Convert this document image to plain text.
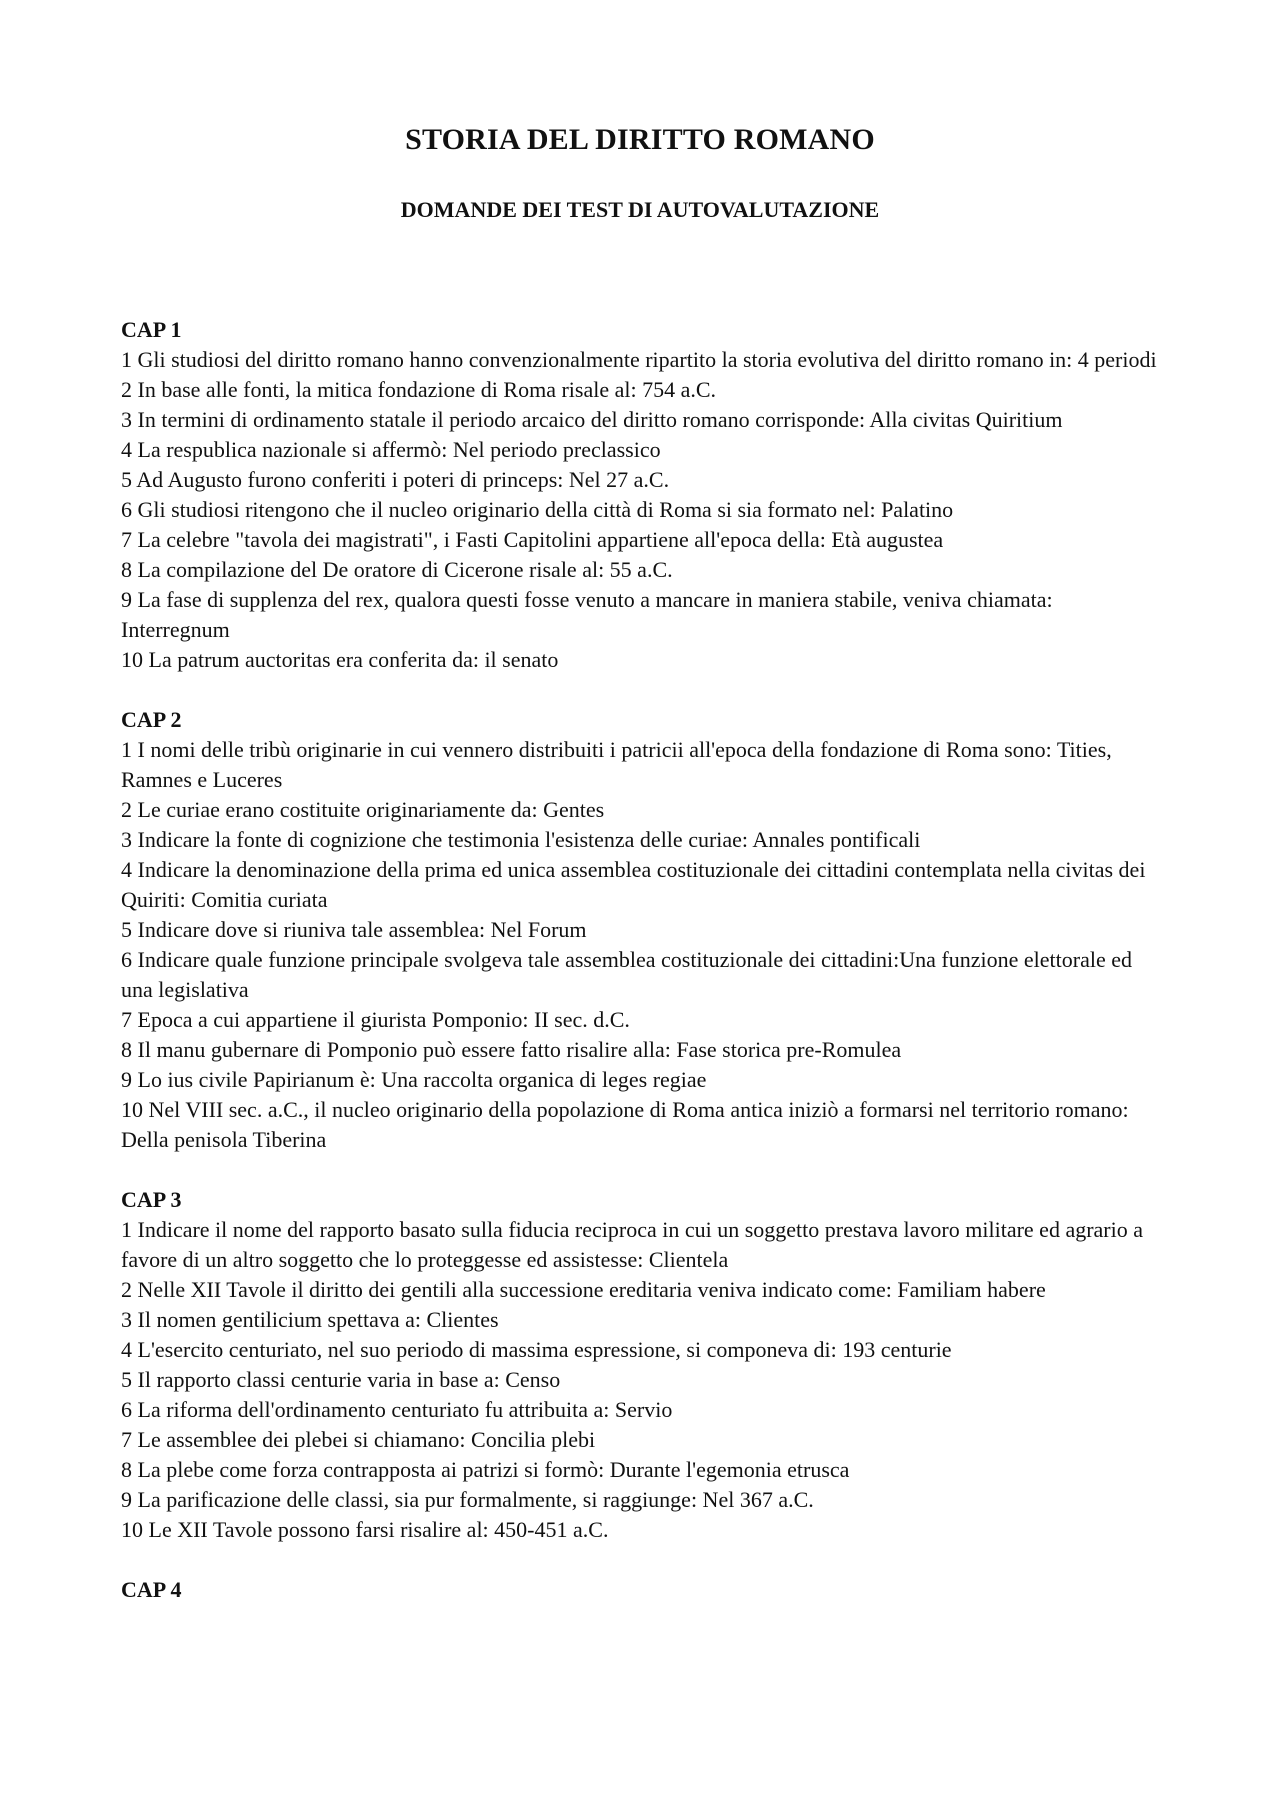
STORIA DEL DIRITTO ROMANO
DOMANDE DEI TEST DI AUTOVALUTAZIONE
CAP 1
1 Gli studiosi del diritto romano hanno convenzionalmente ripartito la storia evolutiva del diritto romano in: 4 periodi
2 In base alle fonti, la mitica fondazione di Roma risale al: 754 a.C.
3 In termini di ordinamento statale il periodo arcaico del diritto romano corrisponde: Alla civitas Quiritium
4 La respublica nazionale si affermò: Nel periodo preclassico
5 Ad Augusto furono conferiti i poteri di princeps: Nel 27 a.C.
6 Gli studiosi ritengono che il nucleo originario della città di Roma si sia formato nel: Palatino
7 La celebre "tavola dei magistrati", i Fasti Capitolini appartiene all'epoca della: Età augustea
8 La compilazione del De oratore di Cicerone risale al: 55 a.C.
9 La fase di supplenza del rex, qualora questi fosse venuto a mancare in maniera stabile, veniva chiamata: Interregnum
10 La patrum auctoritas era conferita da: il senato
CAP 2
1 I nomi delle tribù originarie in cui vennero distribuiti i patricii all'epoca della fondazione di Roma sono: Tities, Ramnes e Luceres
2 Le curiae erano costituite originariamente da: Gentes
3 Indicare la fonte di cognizione che testimonia l'esistenza delle curiae: Annales pontificali
4 Indicare la denominazione della prima ed unica assemblea costituzionale dei cittadini contemplata nella civitas dei Quiriti: Comitia curiata
5 Indicare dove si riuniva tale assemblea: Nel Forum
6 Indicare quale funzione principale svolgeva tale assemblea costituzionale dei cittadini:Una funzione elettorale ed una legislativa
7 Epoca a cui appartiene il giurista Pomponio: II sec. d.C.
8 Il manu gubernare di Pomponio può essere fatto risalire alla: Fase storica pre-Romulea
9 Lo ius civile Papirianum è: Una raccolta organica di leges regiae
10 Nel VIII sec. a.C., il nucleo originario della popolazione di Roma antica iniziò a formarsi nel territorio romano: Della penisola Tiberina
CAP 3
1 Indicare il nome del rapporto basato sulla fiducia reciproca in cui un soggetto prestava lavoro militare ed agrario a favore di un altro soggetto che lo proteggesse ed assistesse: Clientela
2 Nelle XII Tavole il diritto dei gentili alla successione ereditaria veniva indicato come: Familiam habere
3 Il nomen gentilicium spettava a: Clientes
4 L'esercito centuriato, nel suo periodo di massima espressione, si componeva di: 193 centurie
5 Il rapporto classi centurie varia in base a: Censo
6 La riforma dell'ordinamento centuriato fu attribuita a: Servio
7 Le assemblee dei plebei si chiamano: Concilia plebi
8 La plebe come forza contrapposta ai patrizi si formò: Durante l'egemonia etrusca
9 La parificazione delle classi, sia pur formalmente, si raggiunge: Nel 367 a.C.
10 Le XII Tavole possono farsi risalire al: 450-451 a.C.
CAP 4
